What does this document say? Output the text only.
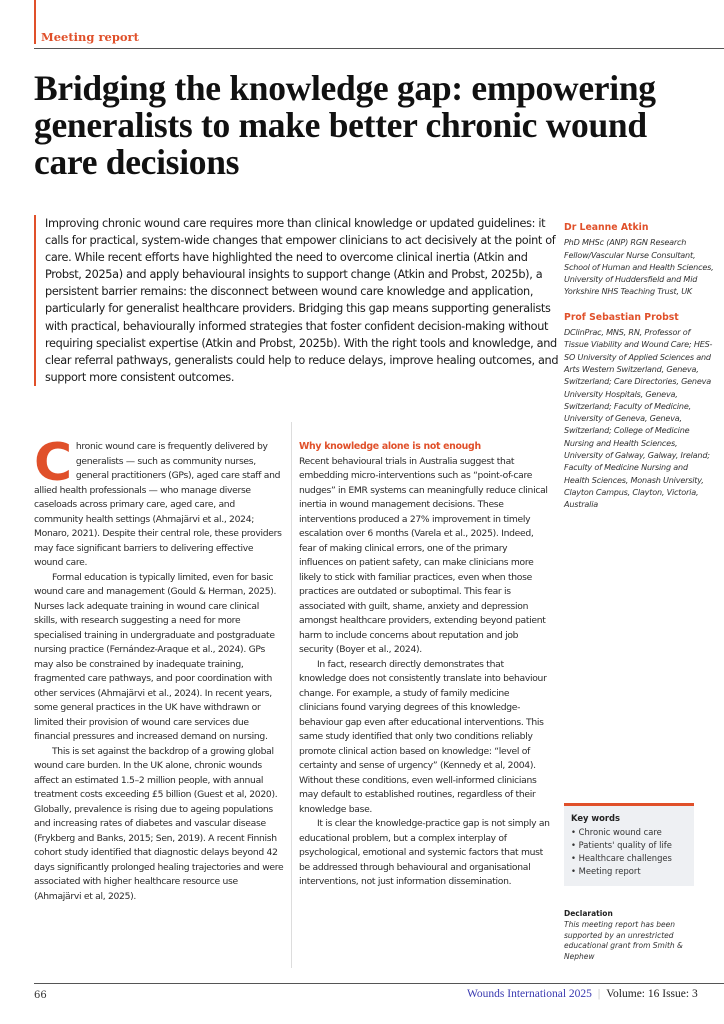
Meeting report
Bridging the knowledge gap: empowering generalists to make better chronic wound care decisions
Improving chronic wound care requires more than clinical knowledge or updated guidelines: it calls for practical, system-wide changes that empower clinicians to act decisively at the point of care. While recent efforts have highlighted the need to overcome clinical inertia (Atkin and Probst, 2025a) and apply behavioural insights to support change (Atkin and Probst, 2025b), a persistent barrier remains: the disconnect between wound care knowledge and application, particularly for generalist healthcare providers. Bridging this gap means supporting generalists with practical, behaviourally informed strategies that foster confident decision-making without requiring specialist expertise (Atkin and Probst, 2025b). With the right tools and knowledge, and clear referral pathways, generalists could help to reduce delays, improve healing outcomes, and support more consistent outcomes.

Chronic wound care is frequently delivered by generalists — such as community nurses, general practitioners (GPs), aged care staff and allied health professionals — who manage diverse caseloads across primary care, aged care, and community health settings (Ahmajärvi et al., 2024; Monaro, 2021). Despite their central role, these providers may face significant barriers to delivering effective wound care.

Formal education is typically limited, even for basic wound care and management (Gould & Herman, 2025). Nurses lack adequate training in wound care clinical skills, with research suggesting a need for more specialised training in undergraduate and postgraduate nursing practice (Fernández-Araque et al., 2024). GPs may also be constrained by inadequate training, fragmented care pathways, and poor coordination with other services (Ahmajärvi et al., 2024). In recent years, some general practices in the UK have withdrawn or limited their provision of wound care services due financial pressures and increased demand on nursing.

This is set against the backdrop of a growing global wound care burden. In the UK alone, chronic wounds affect an estimated 1.5–2 million people, with annual treatment costs exceeding £5 billion (Guest et al, 2020). Globally, prevalence is rising due to ageing populations and increasing rates of diabetes and vascular disease (Frykberg and Banks, 2015; Sen, 2019). A recent Finnish cohort study identified that diagnostic delays beyond 42 days significantly prolonged healing trajectories and were associated with higher healthcare resource use (Ahmajärvi et al, 2025).

Why knowledge alone is not enough

Recent behavioural trials in Australia suggest that embedding micro-interventions such as “point-of-care nudges” in EMR systems can meaningfully reduce clinical inertia in wound management decisions. These interventions produced a 27% improvement in timely escalation over 6 months (Varela et al., 2025). Indeed, fear of making clinical errors, one of the primary influences on patient safety, can make clinicians more likely to stick with familiar practices, even when those practices are outdated or suboptimal. This fear is associated with guilt, shame, anxiety and depression amongst healthcare providers, extending beyond patient harm to include concerns about reputation and job security (Boyer et al., 2024).

In fact, research directly demonstrates that knowledge does not consistently translate into behaviour change. For example, a study of family medicine clinicians found varying degrees of this knowledge-behaviour gap even after educational interventions. This same study identified that only two conditions reliably promote clinical action based on knowledge: “level of certainty and sense of urgency” (Kennedy et al, 2004). Without these conditions, even well-informed clinicians may default to established routines, regardless of their knowledge base.

It is clear the knowledge-practice gap is not simply an educational problem, but a complex interplay of psychological, emotional and systemic factors that must be addressed through behavioural and organisational interventions, not just information dissemination.

Dr Leanne Atkin
PhD MHSc (ANP) RGN Research Fellow/Vascular Nurse Consultant, School of Human and Health Sciences, University of Huddersfield and Mid Yorkshire NHS Teaching Trust, UK
Prof Sebastian Probst
DClinPrac, MNS, RN, Professor of Tissue Viability and Wound Care; HES-SO University of Applied Sciences and Arts Western Switzerland, Geneva, Switzerland; Care Directories, Geneva University Hospitals, Geneva, Switzerland; Faculty of Medicine, University of Geneva, Geneva, Switzerland; College of Medicine Nursing and Health Sciences, University of Galway, Galway, Ireland; Faculty of Medicine Nursing and Health Sciences, Monash University, Clayton Campus, Clayton, Victoria, Australia
Key words
• Chronic wound care
• Patients' quality of life
• Healthcare challenges
• Meeting report
Declaration
This meeting report has been supported by an unrestricted educational grant from Smith & Nephew
66	Wounds International 2025 | Volume: 16 Issue: 3
